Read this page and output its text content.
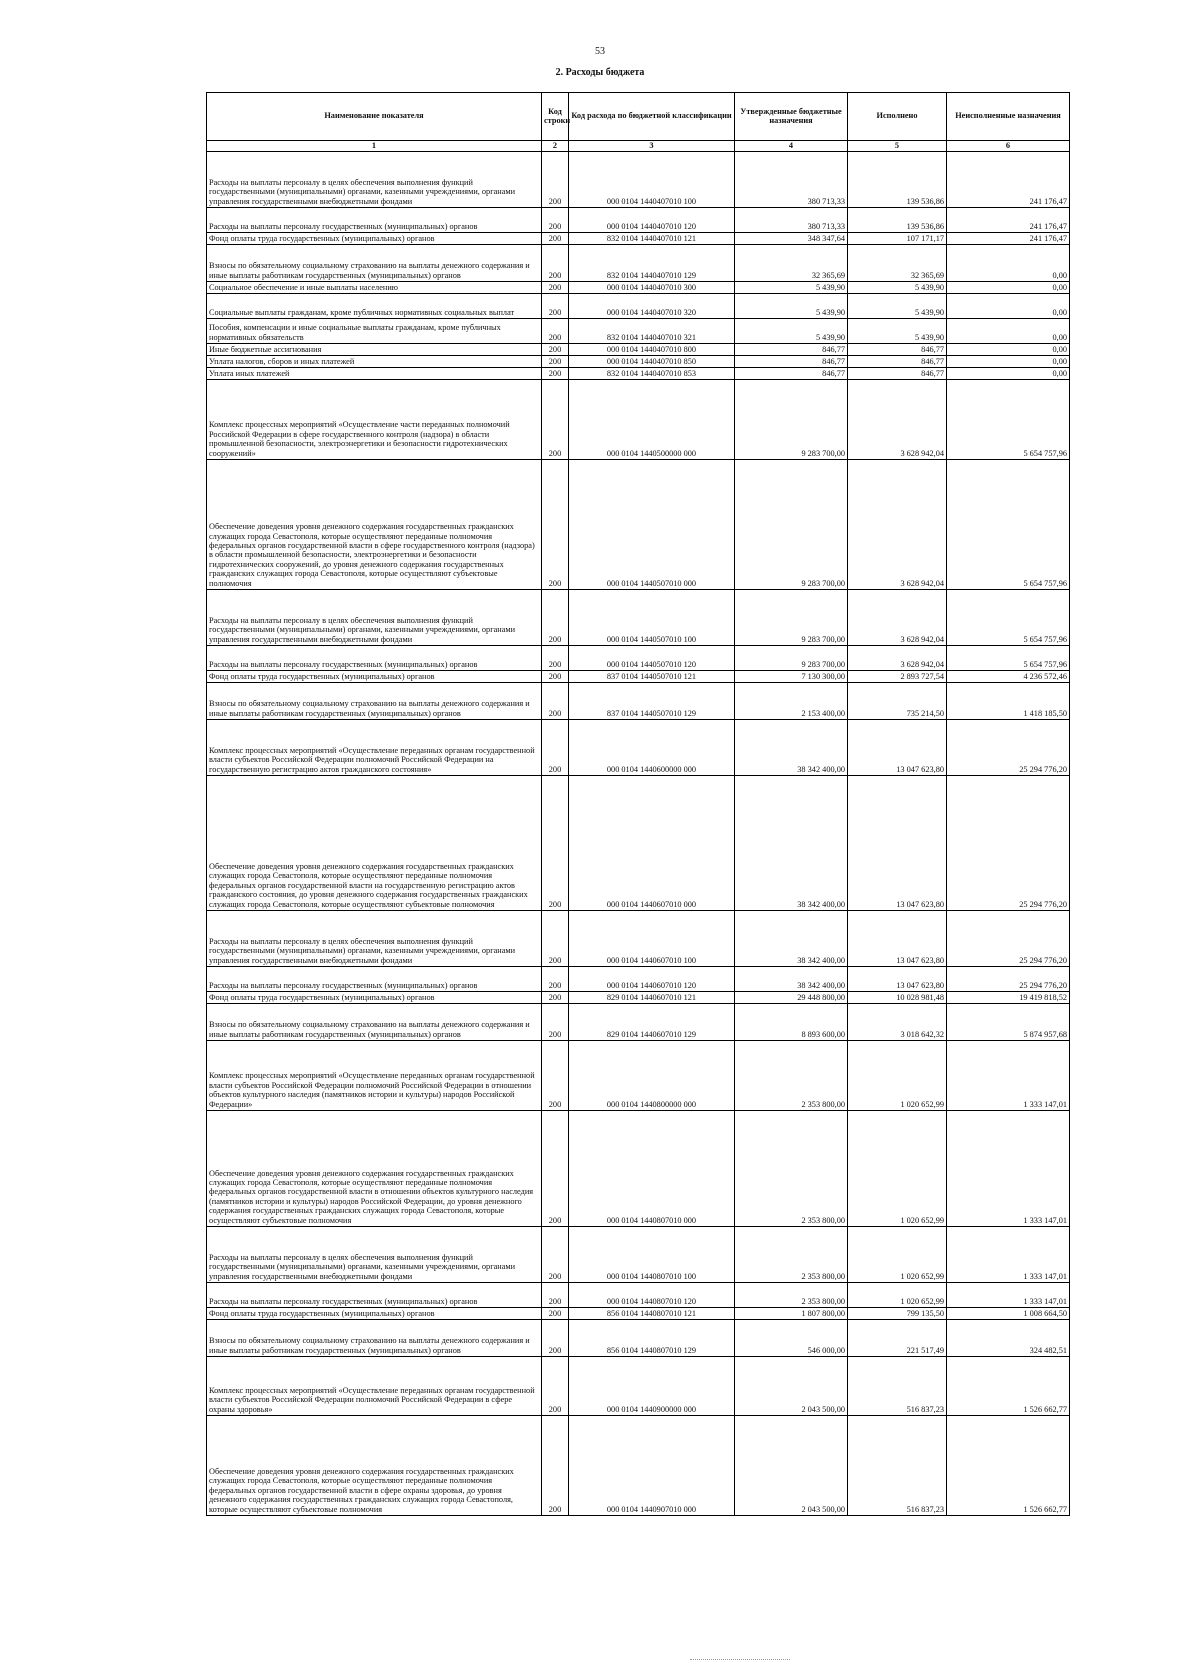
53
2. Расходы бюджета
Наименование показателя	Код строки	Код расхода по бюджетной классификации	Утвержденные бюджетные назначения	Исполнено	Неисполненные назначения
1	2	3	4	5	6
Расходы на выплаты персоналу в целях обеспечения выполнения функций государственными (муниципальными) органами, казенными учреждениями, органами управления государственными внебюджетными фондами	200	000 0104 1440407010 100	380 713,33	139 536,86	241 176,47
Расходы на выплаты персоналу государственных (муниципальных) органов	200	000 0104 1440407010 120	380 713,33	139 536,86	241 176,47
Фонд оплаты труда государственных (муниципальных) органов	200	832 0104 1440407010 121	348 347,64	107 171,17	241 176,47
Взносы по обязательному социальному страхованию на выплаты денежного содержания и иные выплаты работникам государственных (муниципальных) органов	200	832 0104 1440407010 129	32 365,69	32 365,69	0,00
Социальное обеспечение и иные выплаты населению	200	000 0104 1440407010 300	5 439,90	5 439,90	0,00
Социальные выплаты гражданам, кроме публичных нормативных социальных выплат	200	000 0104 1440407010 320	5 439,90	5 439,90	0,00
Пособия, компенсации и иные социальные выплаты гражданам, кроме публичных нормативных обязательств	200	832 0104 1440407010 321	5 439,90	5 439,90	0,00
Иные бюджетные ассигнования	200	000 0104 1440407010 800	846,77	846,77	0,00
Уплата налогов, сборов и иных платежей	200	000 0104 1440407010 850	846,77	846,77	0,00
Уплата иных платежей	200	832 0104 1440407010 853	846,77	846,77	0,00
Комплекс процессных мероприятий «Осуществление части переданных полномочий Российской Федерации в сфере государственного контроля (надзора) в области промышленной безопасности, электроэнергетики и безопасности гидротехнических сооружений»	200	000 0104 1440500000 000	9 283 700,00	3 628 942,04	5 654 757,96
Обеспечение доведения уровня денежного содержания государственных гражданских служащих города Севастополя, которые осуществляют переданные полномочия федеральных органов государственной власти в сфере государственного контроля (надзора) в области промышленной безопасности, электроэнергетики и безопасности гидротехнических сооружений, до уровня денежного содержания государственных гражданских служащих города Севастополя, которые осуществляют субъектовые полномочия	200	000 0104 1440507010 000	9 283 700,00	3 628 942,04	5 654 757,96
Расходы на выплаты персоналу в целях обеспечения выполнения функций государственными (муниципальными) органами, казенными учреждениями, органами управления государственными внебюджетными фондами	200	000 0104 1440507010 100	9 283 700,00	3 628 942,04	5 654 757,96
Расходы на выплаты персоналу государственных (муниципальных) органов	200	000 0104 1440507010 120	9 283 700,00	3 628 942,04	5 654 757,96
Фонд оплаты труда государственных (муниципальных) органов	200	837 0104 1440507010 121	7 130 300,00	2 893 727,54	4 236 572,46
Взносы по обязательному социальному страхованию на выплаты денежного содержания и иные выплаты работникам государственных (муниципальных) органов	200	837 0104 1440507010 129	2 153 400,00	735 214,50	1 418 185,50
Комплекс процессных мероприятий «Осуществление переданных органам государственной власти субъектов Российской Федерации полномочий Российской Федерации на государственную регистрацию актов гражданского состояния»	200	000 0104 1440600000 000	38 342 400,00	13 047 623,80	25 294 776,20
Обеспечение доведения уровня денежного содержания государственных гражданских служащих города Севастополя, которые осуществляют переданные полномочия федеральных органов государственной власти на государственную регистрацию актов гражданского состояния, до уровня денежного содержания государственных гражданских служащих города Севастополя, которые осуществляют субъектовые полномочия	200	000 0104 1440607010 000	38 342 400,00	13 047 623,80	25 294 776,20
Расходы на выплаты персоналу в целях обеспечения выполнения функций государственными (муниципальными) органами, казенными учреждениями, органами управления государственными внебюджетными фондами	200	000 0104 1440607010 100	38 342 400,00	13 047 623,80	25 294 776,20
Расходы на выплаты персоналу государственных (муниципальных) органов	200	000 0104 1440607010 120	38 342 400,00	13 047 623,80	25 294 776,20
Фонд оплаты труда государственных (муниципальных) органов	200	829 0104 1440607010 121	29 448 800,00	10 028 981,48	19 419 818,52
Взносы по обязательному социальному страхованию на выплаты денежного содержания и иные выплаты работникам государственных (муниципальных) органов	200	829 0104 1440607010 129	8 893 600,00	3 018 642,32	5 874 957,68
Комплекс процессных мероприятий «Осуществление переданных органам государственной власти субъектов Российской Федерации полномочий Российской Федерации в отношении объектов культурного наследия (памятников истории и культуры) народов Российской Федерации»	200	000 0104 1440800000 000	2 353 800,00	1 020 652,99	1 333 147,01
Обеспечение доведения уровня денежного содержания государственных гражданских служащих города Севастополя, которые осуществляют переданные полномочия федеральных органов государственной власти в отношении объектов культурного наследия (памятников истории и культуры) народов Российской Федерации, до уровня денежного содержания государственных гражданских служащих города Севастополя, которые осуществляют субъектовые полномочия	200	000 0104 1440807010 000	2 353 800,00	1 020 652,99	1 333 147,01
Расходы на выплаты персоналу в целях обеспечения выполнения функций государственными (муниципальными) органами, казенными учреждениями, органами управления государственными внебюджетными фондами	200	000 0104 1440807010 100	2 353 800,00	1 020 652,99	1 333 147,01
Расходы на выплаты персоналу государственных (муниципальных) органов	200	000 0104 1440807010 120	2 353 800,00	1 020 652,99	1 333 147,01
Фонд оплаты труда государственных (муниципальных) органов	200	856 0104 1440807010 121	1 807 800,00	799 135,50	1 008 664,50
Взносы по обязательному социальному страхованию на выплаты денежного содержания и иные выплаты работникам государственных (муниципальных) органов	200	856 0104 1440807010 129	546 000,00	221 517,49	324 482,51
Комплекс процессных мероприятий «Осуществление переданных органам государственной власти субъектов Российской Федерации полномочий Российской Федерации в сфере охраны здоровья»	200	000 0104 1440900000 000	2 043 500,00	516 837,23	1 526 662,77
Обеспечение доведения уровня денежного содержания государственных гражданских служащих города Севастополя, которые осуществляют переданные полномочия федеральных органов государственной власти в сфере охраны здоровья, до уровня денежного содержания государственных гражданских служащих города Севастополя, которые осуществляют субъектовые полномочия	200	000 0104 1440907010 000	2 043 500,00	516 837,23	1 526 662,77
